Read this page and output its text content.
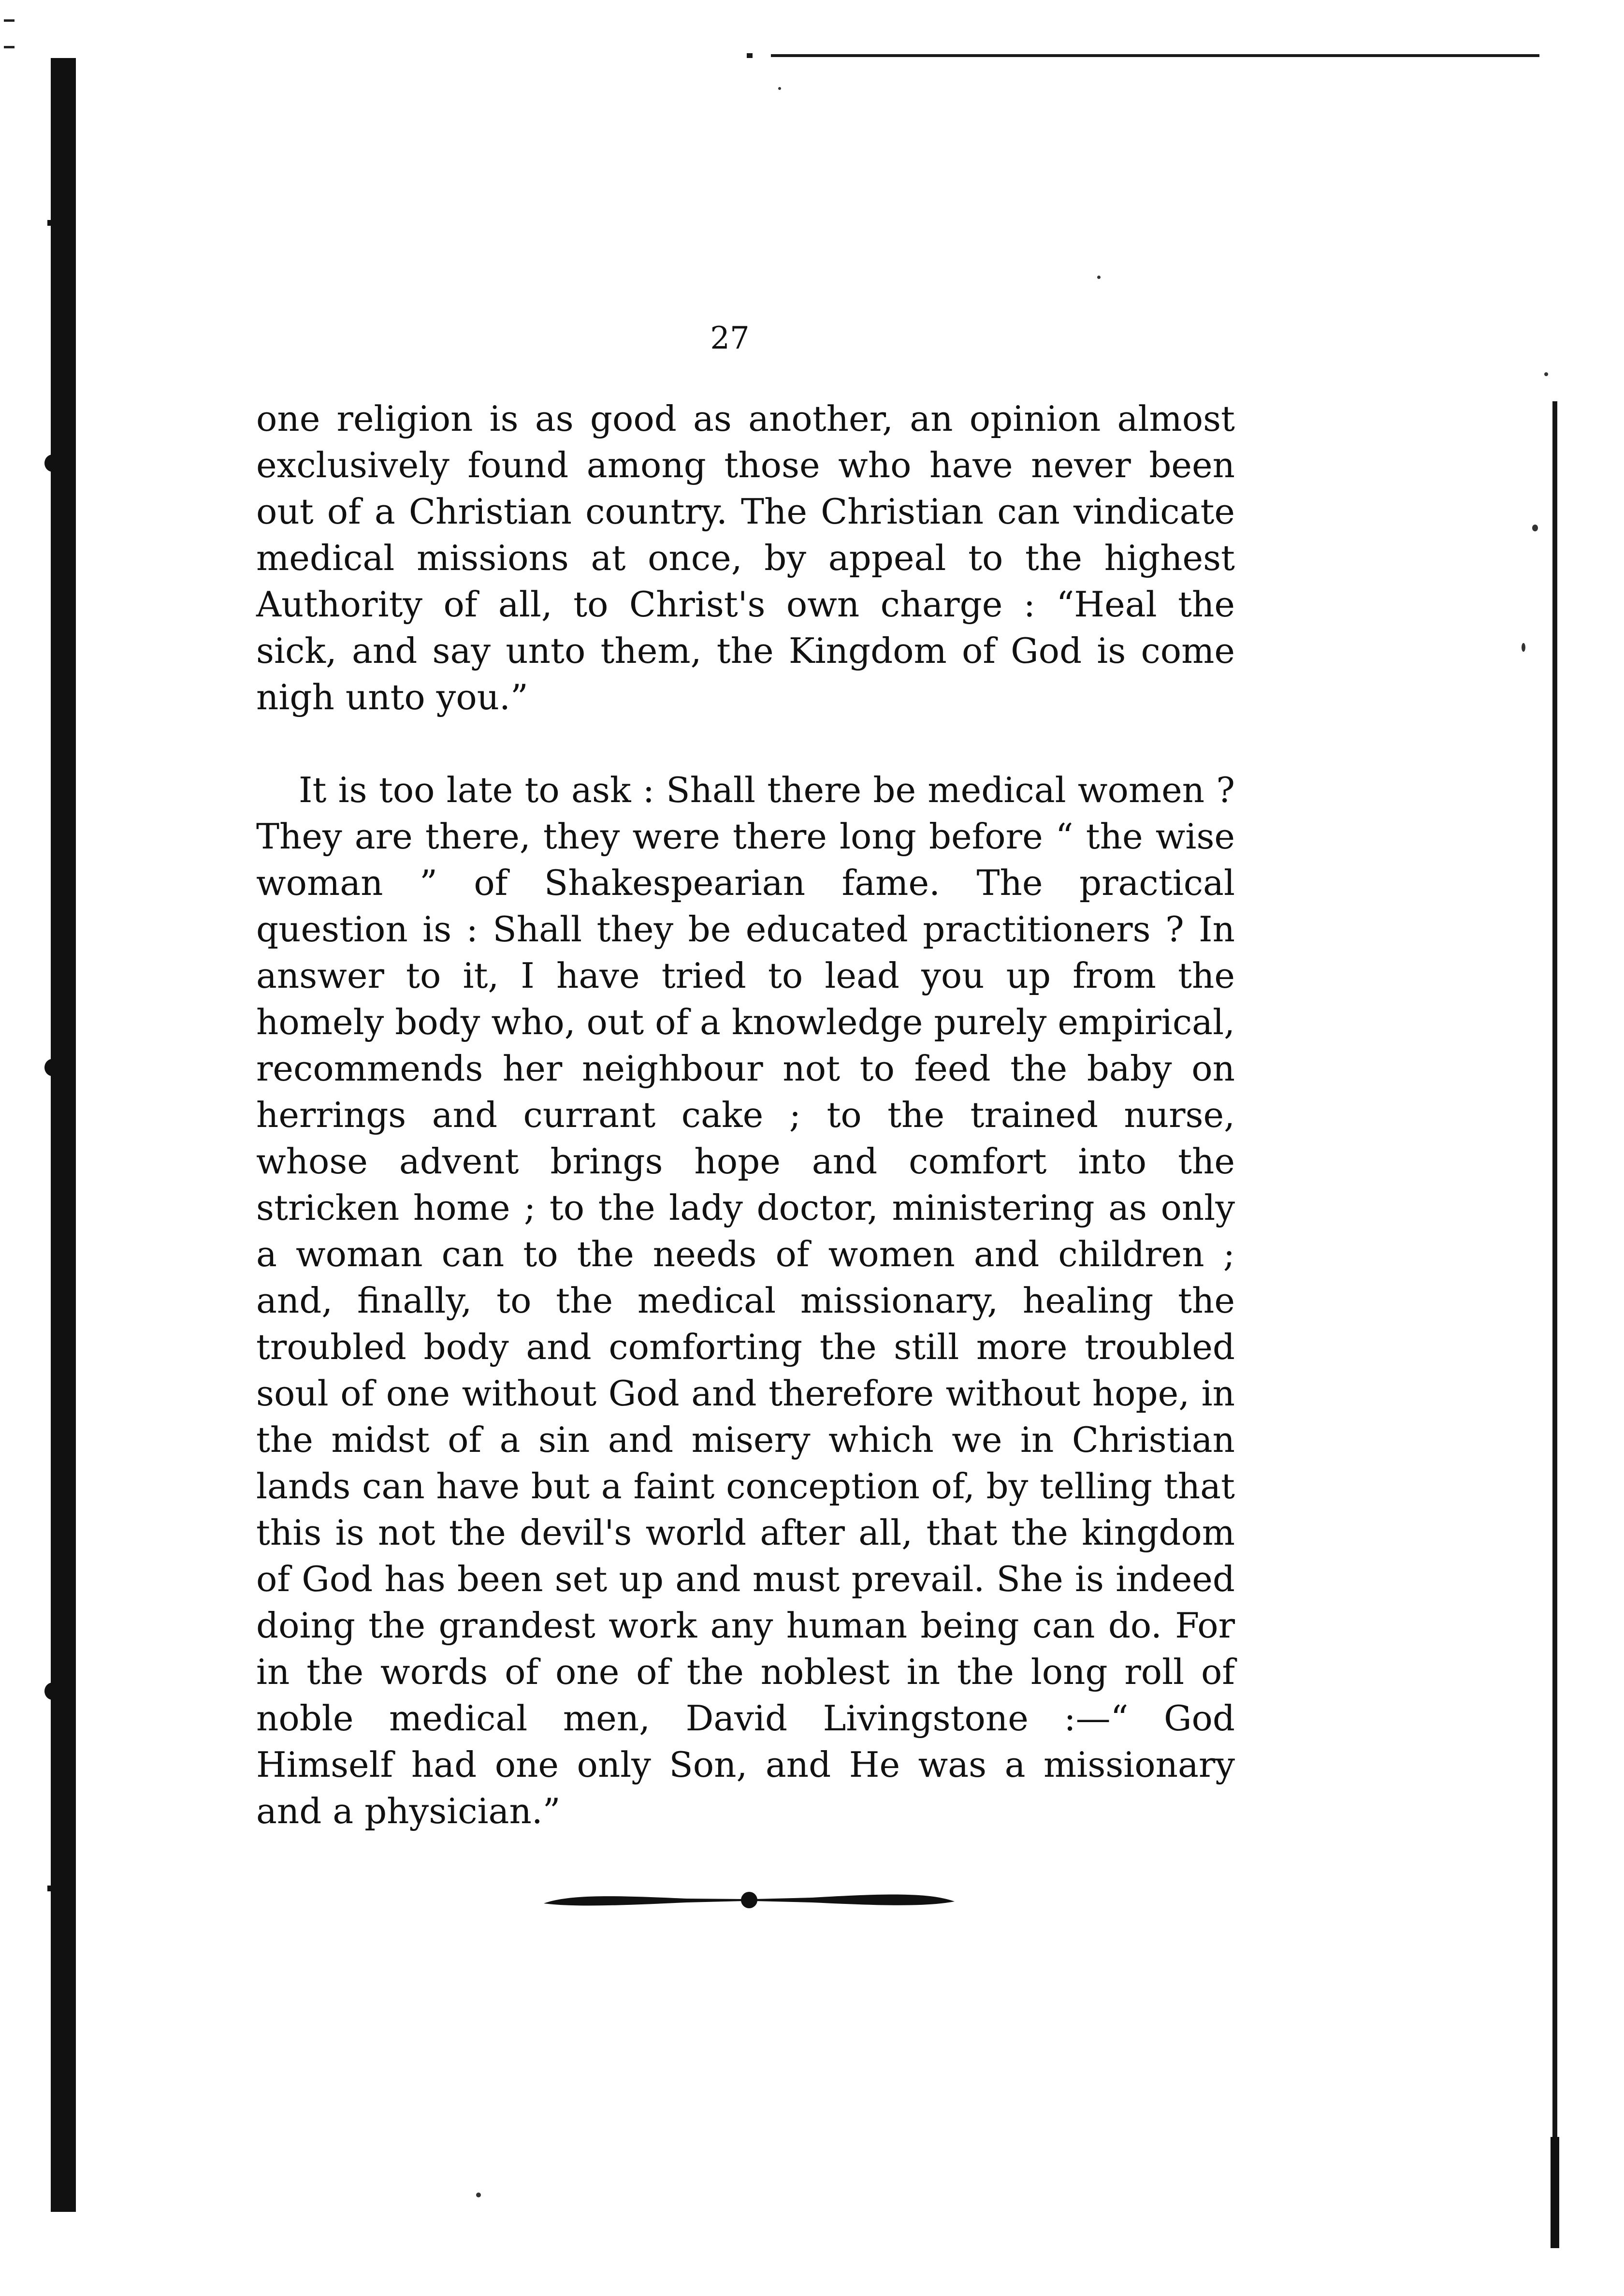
27

one religion is as good as another, an opinion almost exclusively found among those who have never been out of a Christian country. The Christian can vindicate medical missions at once, by appeal to the highest Authority of all, to Christ's own charge : “Heal the sick, and say unto them, the Kingdom of God is come nigh unto you.”

It is too late to ask : Shall there be medical women ? They are there, they were there long before “ the wise woman ” of Shakespearian fame. The practical question is : Shall they be educated practitioners ? In answer to it, I have tried to lead you up from the homely body who, out of a knowledge purely empirical, recommends her neighbour not to feed the baby on herrings and currant cake ; to the trained nurse, whose advent brings hope and comfort into the stricken home ; to the lady doctor, ministering as only a woman can to the needs of women and children ; and, finally, to the medical missionary, healing the troubled body and comforting the still more troubled soul of one without God and therefore without hope, in the midst of a sin and misery which we in Christian lands can have but a faint conception of, by telling that this is not the devil's world after all, that the kingdom of God has been set up and must prevail. She is indeed doing the grandest work any human being can do. For in the words of one of the noblest in the long roll of noble medical men, David Livingstone :—“ God Himself had one only Son, and He was a missionary and a physician.”
